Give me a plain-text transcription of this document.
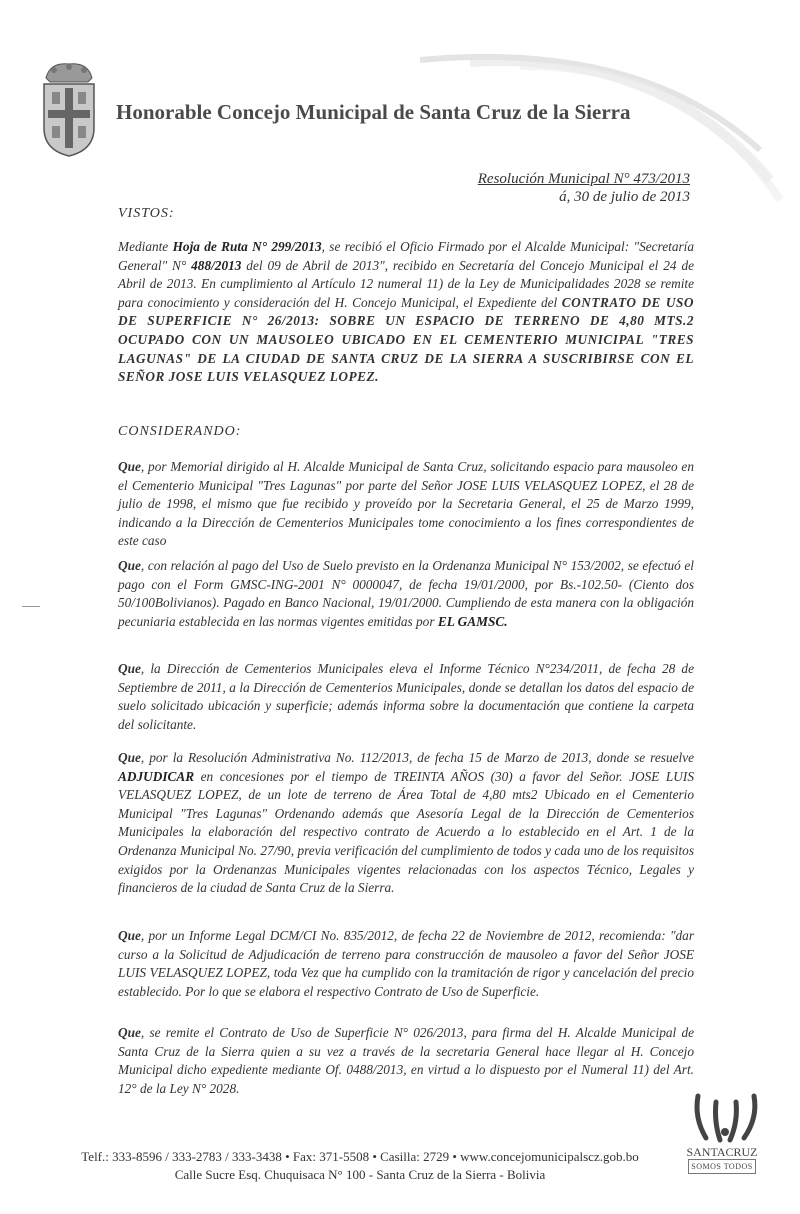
Honorable Concejo Municipal de Santa Cruz de la Sierra
Resolución Municipal N° 473/2013
á, 30 de julio de 2013
VISTOS:
Mediante Hoja de Ruta N° 299/2013, se recibió el Oficio Firmado por el Alcalde Municipal: "Secretaría General" N° 488/2013 del 09 de Abril de 2013", recibido en Secretaría del Concejo Municipal el 24 de Abril de 2013. En cumplimiento al Artículo 12 numeral 11) de la Ley de Municipalidades 2028 se remite para conocimiento y consideración del H. Concejo Municipal, el Expediente del CONTRATO DE USO DE SUPERFICIE N° 26/2013: SOBRE UN ESPACIO DE TERRENO DE 4,80 MTS.2 OCUPADO CON UN MAUSOLEO UBICADO EN EL CEMENTERIO MUNICIPAL "TRES LAGUNAS" DE LA CIUDAD DE SANTA CRUZ DE LA SIERRA A SUSCRIBIRSE CON EL SEÑOR JOSE LUIS VELASQUEZ LOPEZ.
CONSIDERANDO:
Que, por Memorial dirigido al H. Alcalde Municipal de Santa Cruz, solicitando espacio para mausoleo en el Cementerio Municipal "Tres Lagunas" por parte del Señor JOSE LUIS VELASQUEZ LOPEZ, el 28 de julio de 1998, el mismo que fue recibido y proveído por la Secretaria General, el 25 de Marzo 1999, indicando a la Dirección de Cementerios Municipales tome conocimiento a los fines correspondientes de este caso
Que, con relación al pago del Uso de Suelo previsto en la Ordenanza Municipal N° 153/2002, se efectuó el pago con el Form GMSC-ING-2001 N° 0000047, de fecha 19/01/2000, por Bs.-102.50- (Ciento dos 50/100Bolivianos). Pagado en Banco Nacional, 19/01/2000. Cumpliendo de esta manera con la obligación pecuniaria establecida en las normas vigentes emitidas por EL GAMSC.
Que, la Dirección de Cementerios Municipales eleva el Informe Técnico N°234/2011, de fecha 28 de Septiembre de 2011, a la Dirección de Cementerios Municipales, donde se detallan los datos del espacio de suelo solicitado ubicación y superficie; además informa sobre la documentación que contiene la carpeta del solicitante.
Que, por la Resolución Administrativa No. 112/2013, de fecha 15 de Marzo de 2013, donde se resuelve ADJUDICAR en concesiones por el tiempo de TREINTA AÑOS (30) a favor del Señor. JOSE LUIS VELASQUEZ LOPEZ, de un lote de terreno de Área Total de 4,80 mts2 Ubicado en el Cementerio Municipal "Tres Lagunas" Ordenando además que Asesoría Legal de la Dirección de Cementerios Municipales la elaboración del respectivo contrato de Acuerdo a lo establecido en el Art. 1 de la Ordenanza Municipal No. 27/90, previa verificación del cumplimiento de todos y cada uno de los requisitos exigidos por la Ordenanzas Municipales vigentes relacionadas con los aspectos Técnico, Legales y financieros de la ciudad de Santa Cruz de la Sierra.
Que, por un Informe Legal DCM/CI No. 835/2012, de fecha 22 de Noviembre de 2012, recomienda: "dar curso a la Solicitud de Adjudicación de terreno para construcción de mausoleo a favor del Señor JOSE LUIS VELASQUEZ LOPEZ, toda Vez que ha cumplido con la tramitación de rigor y cancelación del precio establecido. Por lo que se elabora el respectivo Contrato de Uso de Superficie.
Que, se remite el Contrato de Uso de Superficie N° 026/2013, para firma del H. Alcalde Municipal de Santa Cruz de la Sierra quien a su vez a través de la secretaria General hace llegar al H. Concejo Municipal dicho expediente mediante Of. 0488/2013, en virtud a lo dispuesto por el Numeral 11) del Art. 12° de la Ley N° 2028.
Telf.: 333-8596 / 333-2783 / 333-3438 • Fax: 371-5508 • Casilla: 2729 • www.concejomunicipalscz.gob.bo
Calle Sucre Esq. Chuquisaca N° 100 - Santa Cruz de la Sierra - Bolivia
SANTACRUZ
SOMOS TODOS
